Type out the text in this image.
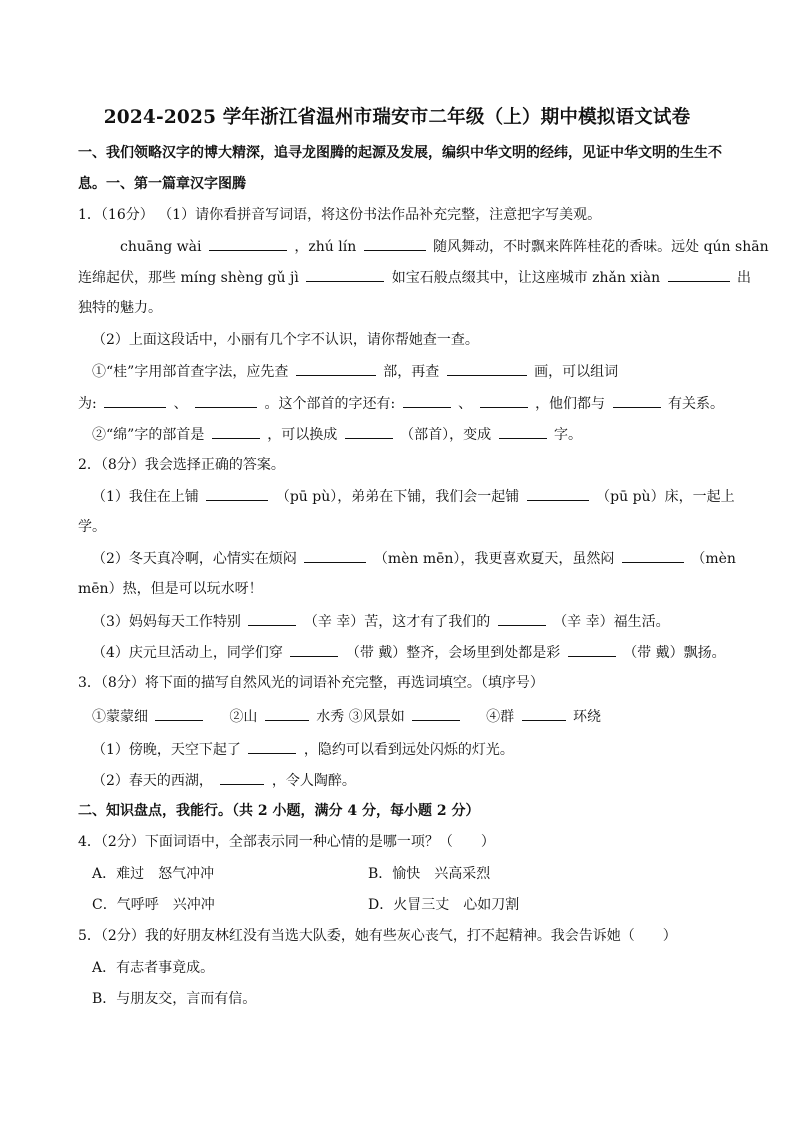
2024-2025 学年浙江省温州市瑞安市二年级（上）期中模拟语文试卷
一、我们领略汉字的博大精深，追寻龙图腾的起源及发展，编织中华文明的经纬，见证中华文明的生生不
息。一、第一篇章汉字图腾
1．（16分） （1）请你看拼音写词语，将这份书法作品补充完整，注意把字写美观。
chuāng wài	，zhú lín	随风舞动，不时飘来阵阵桂花的香味。远处 qún shān
连绵起伏，那些 míng shèng gǔ jì	如宝石般点缀其中，让这座城市 zhǎn xiàn	出
独特的魅力。
（2）上面这段话中，小丽有几个字不认识，请你帮她查一查。
①“桂”字用部首查字法，应先查	部，再查	画，可以组词
为:	、	。这个部首的字还有:	、	，他们都与	有关系。
②“绵”字的部首是	，可以换成	（部首），变成	字。
2．（8分）我会选择正确的答案。
（1）我住在上铺	（pū pù），弟弟在下铺，我们会一起铺	（pū pù）床，一起上
学。
（2）冬天真冷啊，心情实在烦闷	（mèn mēn），我更喜欢夏天，虽然闷	（mèn
mēn）热，但是可以玩水呀！
（3）妈妈每天工作特别	（辛 幸）苦，这才有了我们的	（辛 幸）福生活。
（4）庆元旦活动上，同学们穿	（带 戴）整齐，会场里到处都是彩	（带 戴）飘扬。
3．（8分）将下面的描写自然风光的词语补充完整，再选词填空。（填序号）
①蒙蒙细	②山	水秀 ③风景如	④群	环绕
（1）傍晚，天空下起了	，隐约可以看到远处闪烁的灯光。
（2）春天的西湖，	，令人陶醉。
二、知识盘点，我能行。（共 2 小题，满分 4 分，每小题 2 分）
4．（2分）下面词语中，全部表示同一种心情的是哪一项？（　　）
A．难过　怒气冲冲	B．愉快　兴高采烈
C．气呼呼　兴冲冲	D．火冒三丈　心如刀割
5．（2分）我的好朋友林红没有当选大队委，她有些灰心丧气，打不起精神。我会告诉她（　　）
A．有志者事竟成。
B．与朋友交，言而有信。
